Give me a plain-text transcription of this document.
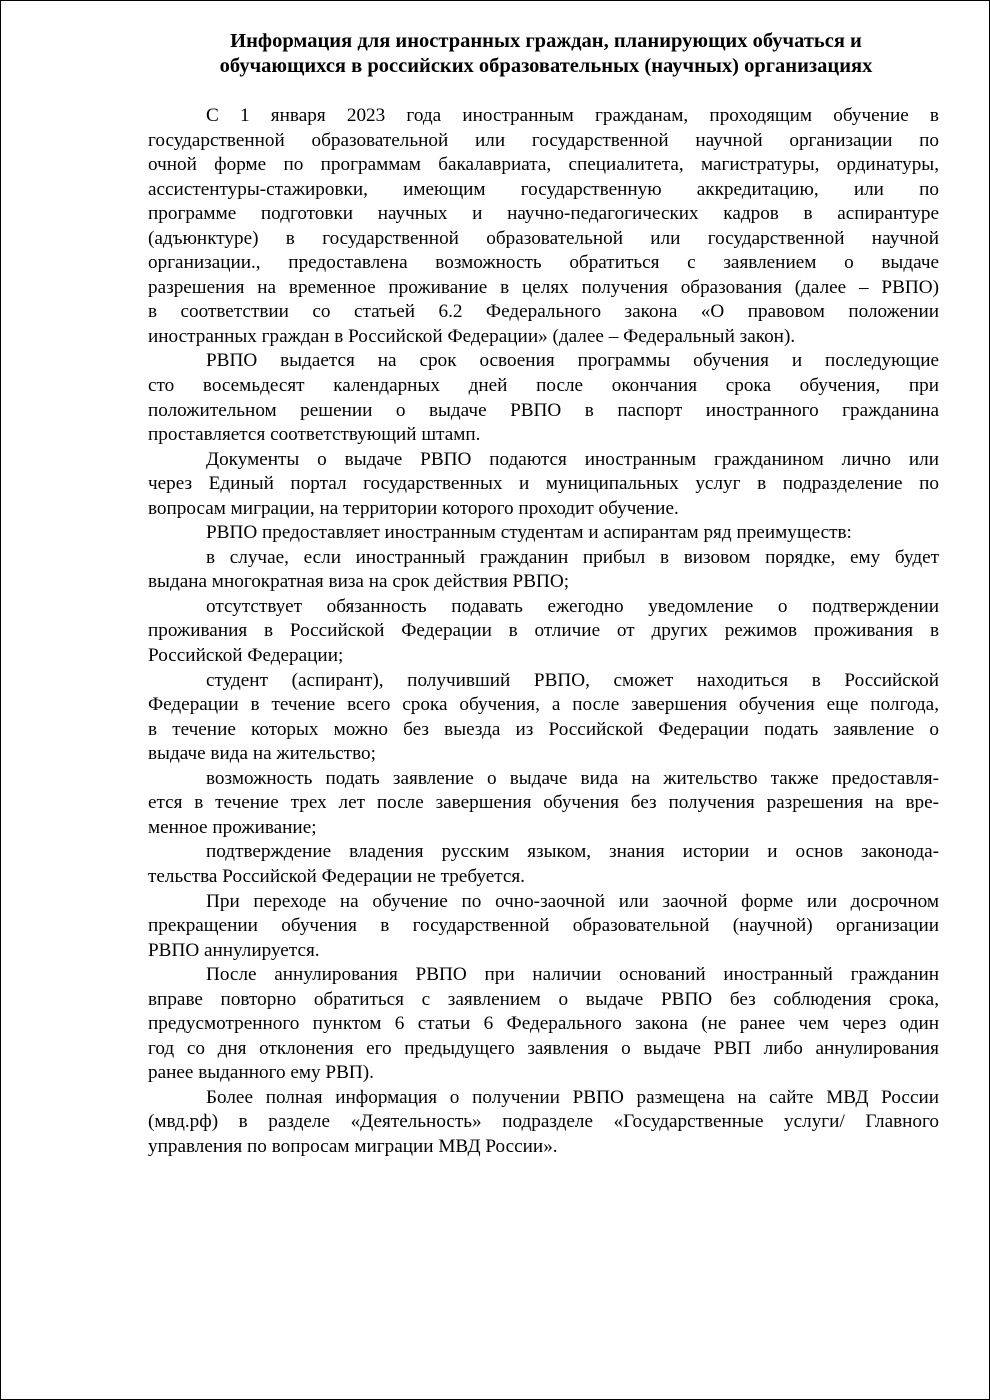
Информация для иностранных граждан, планирующих обучаться и
обучающихся в российских образовательных (научных) организациях
С 1 января 2023 года иностранным гражданам, проходящим обучение в
государственной образовательной или государственной научной организации по
очной форме по программам бакалавриата, специалитета, магистратуры, ординатуры,
ассистентуры-стажировки, имеющим государственную аккредитацию, или по
программе подготовки научных и научно-педагогических кадров в аспирантуре
(адъюнктуре) в государственной образовательной или государственной научной
организации., предоставлена возможность обратиться с заявлением о выдаче
разрешения на временное проживание в целях получения образования (далее – РВПО)
в соответствии со статьей 6.2 Федерального закона «О правовом положении
иностранных граждан в Российской Федерации» (далее – Федеральный закон).
РВПО выдается на срок освоения программы обучения и последующие
сто восемьдесят календарных дней после окончания срока обучения, при
положительном решении о выдаче РВПО в паспорт иностранного гражданина
проставляется соответствующий штамп.
Документы о выдаче РВПО подаются иностранным гражданином лично или
через Единый портал государственных и муниципальных услуг в подразделение по
вопросам миграции, на территории которого проходит обучение.
РВПО предоставляет иностранным студентам и аспирантам ряд преимуществ:
в случае, если иностранный гражданин прибыл в визовом порядке, ему будет
выдана многократная виза на срок действия РВПО;
отсутствует обязанность подавать ежегодно уведомление о подтверждении
проживания в Российской Федерации в отличие от других режимов проживания в
Российской Федерации;
студент (аспирант), получивший РВПО, сможет находиться в Российской
Федерации в течение всего срока обучения, а после завершения обучения еще полгода,
в течение которых можно без выезда из Российской Федерации подать заявление о
выдаче вида на жительство;
возможность подать заявление о выдаче вида на жительство также предоставля-
ется в течение трех лет после завершения обучения без получения разрешения на вре-
менное проживание;
подтверждение владения русским языком, знания истории и основ законода-
тельства Российской Федерации не требуется.
При переходе на обучение по очно-заочной или заочной форме или досрочном
прекращении обучения в государственной образовательной (научной) организации
РВПО аннулируется.
После аннулирования РВПО при наличии оснований иностранный гражданин
вправе повторно обратиться с заявлением о выдаче РВПО без соблюдения срока,
предусмотренного пунктом 6 статьи 6 Федерального закона (не ранее чем через один
год со дня отклонения его предыдущего заявления о выдаче РВП либо аннулирования
ранее выданного ему РВП).
Более полная информация о получении РВПО размещена на сайте МВД России
(мвд.рф) в разделе «Деятельность» подразделе «Государственные услуги/ Главного
управления по вопросам миграции МВД России».
